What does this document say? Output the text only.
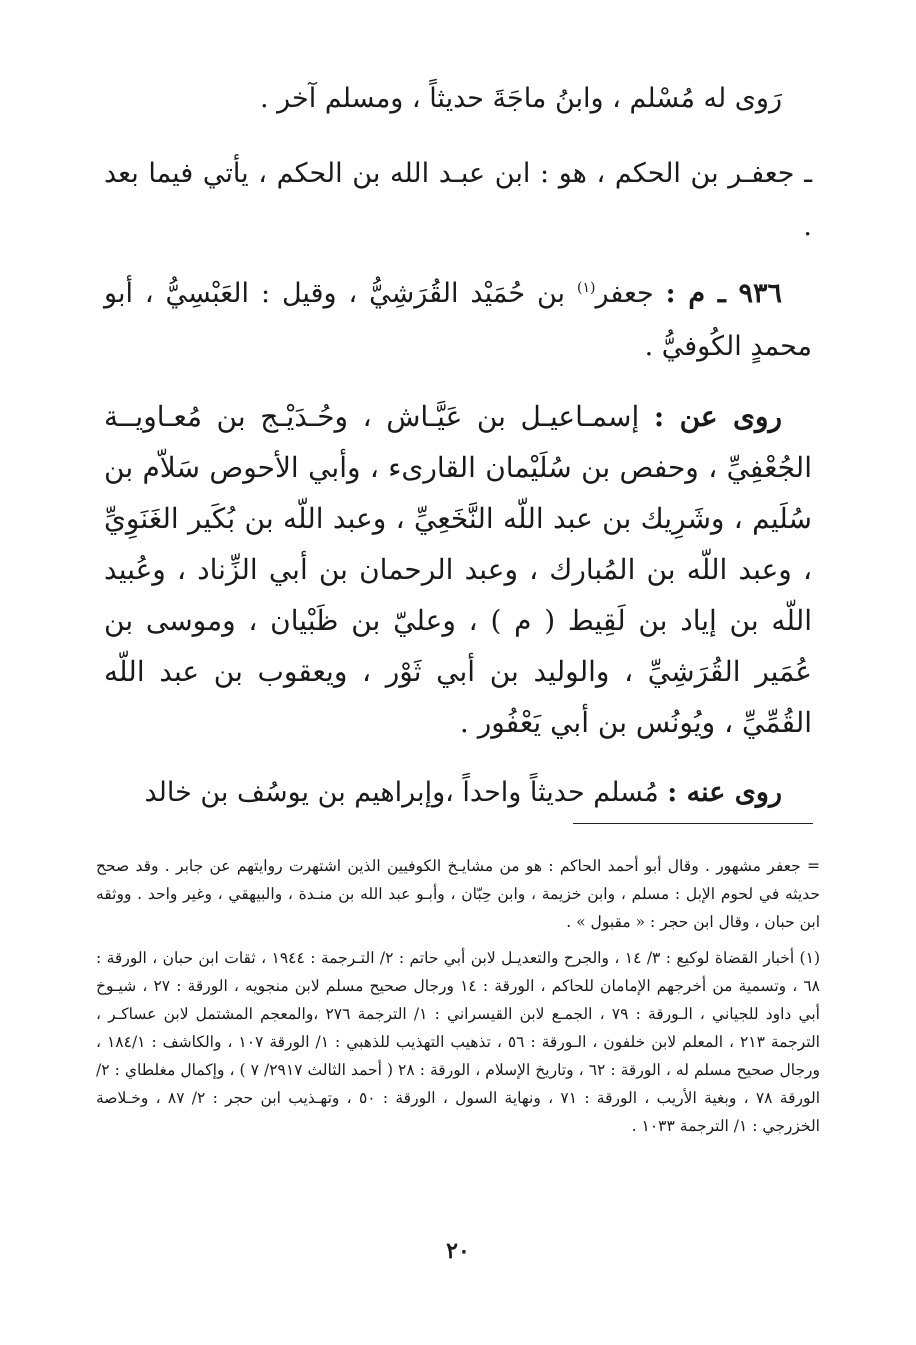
رَوى له مُسْلم ، وابنُ ماجَةَ حديثاً ، ومسلم آخر .

ـ جعفـر بن الحكم ، هو : ابن عبـد الله بن الحكم ، يأتي فيما بعد .

٩٣٦ ـ م : جعفر$^{(١)}$ بن حُمَيْد القُرَشِيُّ ، وقيل : العَبْسِيُّ ، أبو محمدٍ الكُوفيُّ .

روى عن : إسمـاعيـل بن عَيَّـاش ، وحُـدَيْـج بن مُعـاويــة الجُعْفِيِّ ، وحفص بن سُلَيْمان القارىء ، وأبي الأحوص سَلاّم بن سُلَيم ، وشَرِيك بن عبد اللّه النَّخَعِيِّ ، وعبد اللّه بن بُكَير الغَنَوِيِّ ، وعبد اللّه بن المُبارك ، وعبد الرحمان بن أبي الزِّناد ، وعُبيد اللّه بن إياد بن لَقِيط ( م ) ، وعليّ بن ظَبْيان ، وموسى بن عُمَير القُرَشِيِّ ، والوليد بن أبي ثَوْر ، ويعقوب بن عبد اللّه القُمِّيِّ ، ويُونُس بن أبي يَعْفُور .

روى عنه : مُسلم حديثاً واحداً ،وإبراهيم بن يوسُف بن خالد

= جعفر مشهور . وقال أبو أحمد الحاكم : هو من مشايـخ الكوفيين الذين اشتهرت روايتهم عن جابر . وقد صحح حديثه في لحوم الإبل : مسلم ، وابن خزيمة ، وابن حِبّان ، وأبـو عبد الله بن منـدة ، والبيهقي ، وغير واحد . ووثقه ابن حبان ، وقال ابن حجر : « مقبول » .

(١) أخبار القضاة لوكيع : ٣/ ١٤ ، والجرح والتعديـل لابن أبي حاتم : ٢/ التـرجمة : ١٩٤٤ ، ثقات ابن حبان ، الورقة : ٦٨ ، وتسمية من أخرجهم الإمامان للحاكم ، الورقة : ١٤ ورجال صحيح مسلم لابن منجويه ، الورقة : ٢٧ ، شيـوخ أبي داود للجياني ، الـورقة : ٧٩ ، الجمـع لابن القيسراني : ١/ الترجمة ٢٧٦ ،والمعجم المشتمل لابن عساكـر ، الترجمة ٢١٣ ، المعلم لابن خلفون ، الـورقة : ٥٦ ، تذهيب التهذيب للذهبي : ١/ الورقة ١٠٧ ، والكاشف : ١٨٤/١ ، ورجال صحيح مسلم له ، الورقة : ٦٢ ، وتاريخ الإسلام ، الورقة : ٢٨ ( أحمد الثالث ٢٩١٧/ ٧ ) ، وإكمال مغلطاي : ٢/ الورقة ٧٨ ، وبغية الأريب ، الورقة : ٧١ ، ونهاية السول ، الورقة : ٥٠ ، وتهـذيب ابن حجر : ٢/ ٨٧ ، وخـلاصة الخزرجي : ١/ الترجمة ١٠٣٣ .

٢٠
